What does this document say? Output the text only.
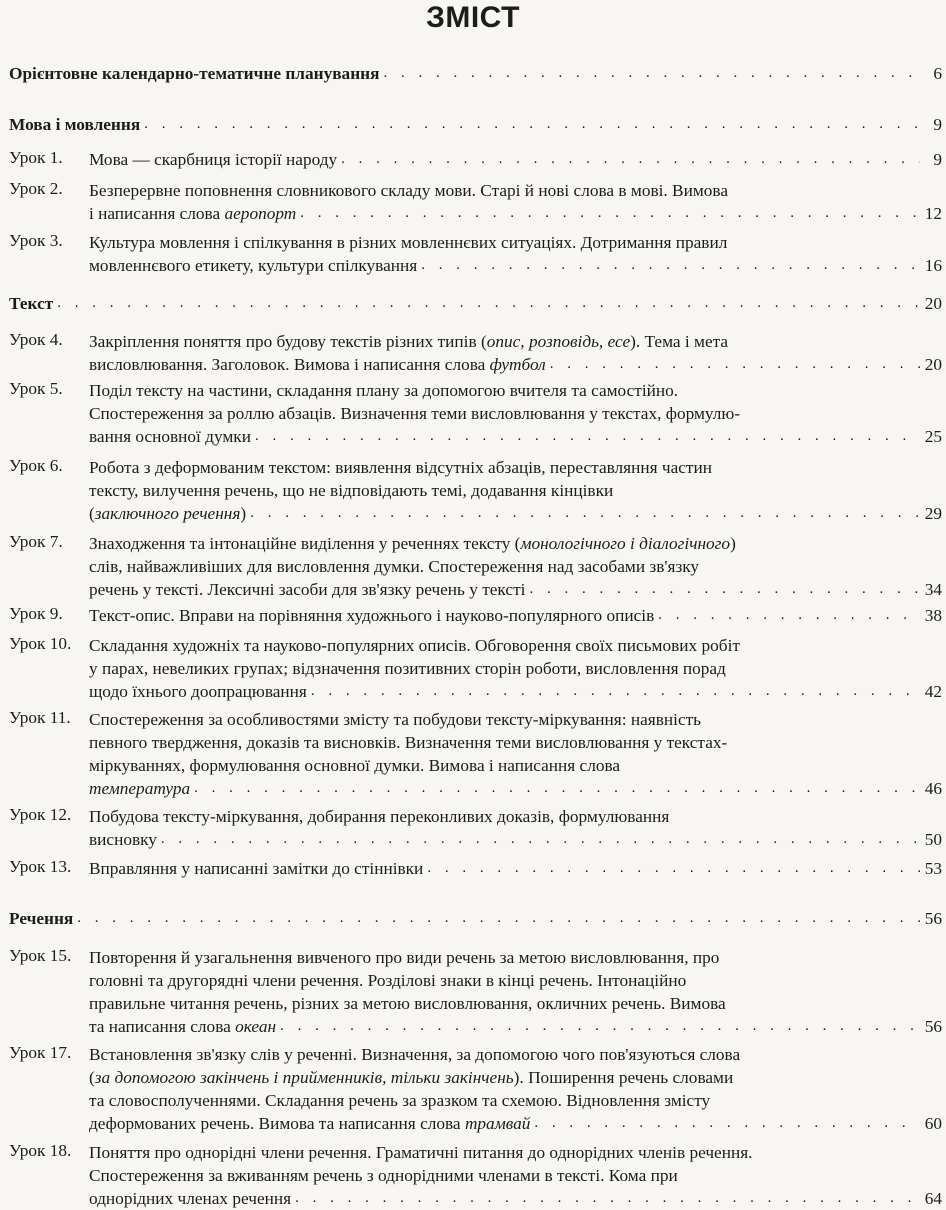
ЗМІСТ
Орієнтовне календарно-тематичне планування . . .	6
Мова і мовлення . . .	9
Урок 1. Мова — скарбниця історії народу . . .	9
Урок 2. Безперервне поповнення словникового складу мови. Старі й нові слова в мові. Вимова
і написання слова аеропорт . . .	12
Урок 3. Культура мовлення і спілкування в різних мовленнєвих ситуаціях. Дотримання правил
мовленнєвого етикету, культури спілкування . . .	16
Текст . . .	20
Урок 4. Закріплення поняття про будову текстів різних типів (опис, розповідь, есе). Тема і мета
висловлювання. Заголовок. Вимова і написання слова футбол . . .	20
Урок 5. Поділ тексту на частини, складання плану за допомогою вчителя та самостійно.
Спостереження за роллю абзаців. Визначення теми висловлювання у текстах, формулю-
вання основної думки . . .	25
Урок 6. Робота з деформованим текстом: виявлення відсутніх абзаців, переставляння частин
тексту, вилучення речень, що не відповідають темі, додавання кінцівки
(заключного речення) . . .	29
Урок 7. Знаходження та інтонаційне виділення у реченнях тексту (монологічного і діалогічного)
слів, найважливіших для висловлення думки. Спостереження над засобами зв'язку
речень у тексті. Лексичні засоби для зв'язку речень у тексті . . .	34
Урок 9. Текст-опис. Вправи на порівняння художнього і науково-популярного описів . . .	38
Урок 10. Складання художніх та науково-популярних описів. Обговорення своїх письмових робіт
у парах, невеликих групах; відзначення позитивних сторін роботи, висловлення порад
щодо їхнього доопрацювання . . .	42
Урок 11. Спостереження за особливостями змісту та побудови тексту-міркування: наявність
певного твердження, доказів та висновків. Визначення теми висловлювання у текстах-
міркуваннях, формулювання основної думки. Вимова і написання слова
температура . . .	46
Урок 12. Побудова тексту-міркування, добирання переконливих доказів, формулювання
висновку . . .	50
Урок 13. Вправляння у написанні замітки до стіннівки . . .	53
Речення . . .	56
Урок 15. Повторення й узагальнення вивченого про види речень за метою висловлювання, про
головні та другорядні члени речення. Розділові знаки в кінці речень. Інтонаційно
правильне читання речень, різних за метою висловлювання, окличних речень. Вимова
та написання слова океан . . .	56
Урок 17. Встановлення зв'язку слів у реченні. Визначення, за допомогою чого пов'язуються слова
(за допомогою закінчень і прийменників, тільки закінчень). Поширення речень словами
та словосполученнями. Складання речень за зразком та схемою. Відновлення змісту
деформованих речень. Вимова та написання слова трамвай . . .	60
Урок 18. Поняття про однорідні члени речення. Граматичні питання до однорідних членів речення.
Спостереження за вживанням речень з однорідними членами в тексті. Кома при
однорідних членах речення . . .	64
